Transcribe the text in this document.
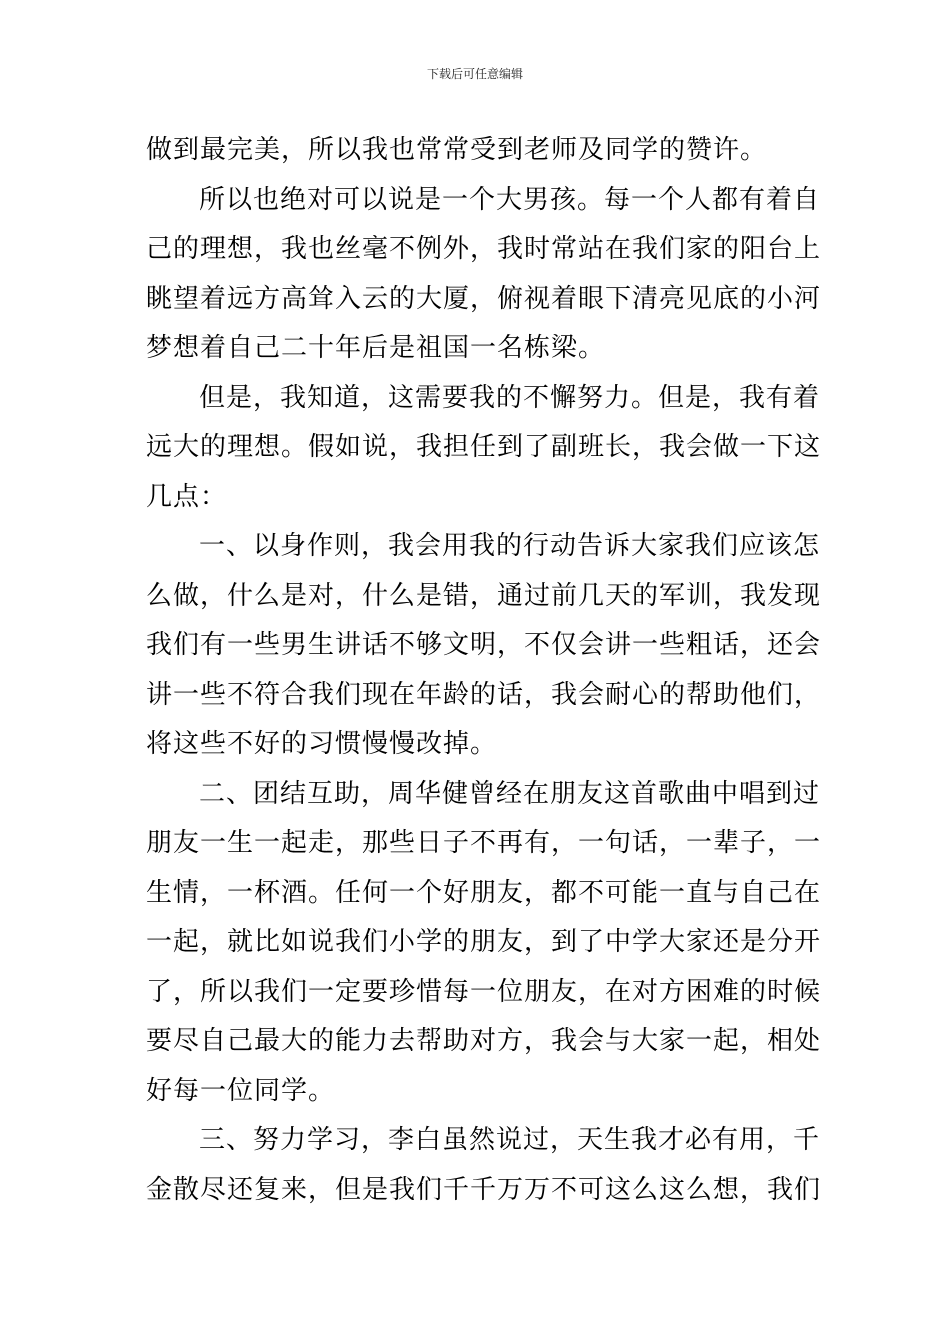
下载后可任意编辑
做到最完美，所以我也常常受到老师及同学的赞许。
所以也绝对可以说是一个大男孩。每一个人都有着自
己的理想，我也丝毫不例外，我时常站在我们家的阳台上
眺望着远方高耸入云的大厦，俯视着眼下清亮见底的小河
梦想着自己二十年后是祖国一名栋梁。
但是，我知道，这需要我的不懈努力。但是，我有着
远大的理想。假如说，我担任到了副班长，我会做一下这
几点：
一、以身作则，我会用我的行动告诉大家我们应该怎
么做，什么是对，什么是错，通过前几天的军训，我发现
我们有一些男生讲话不够文明，不仅会讲一些粗话，还会
讲一些不符合我们现在年龄的话，我会耐心的帮助他们，
将这些不好的习惯慢慢改掉。
二、团结互助，周华健曾经在朋友这首歌曲中唱到过
朋友一生一起走，那些日子不再有，一句话，一辈子，一
生情，一杯酒。任何一个好朋友，都不可能一直与自己在
一起，就比如说我们小学的朋友，到了中学大家还是分开
了，所以我们一定要珍惜每一位朋友，在对方困难的时候
要尽自己最大的能力去帮助对方，我会与大家一起，相处
好每一位同学。
三、努力学习，李白虽然说过，天生我才必有用，千
金散尽还复来，但是我们千千万万不可这么这么想，我们
